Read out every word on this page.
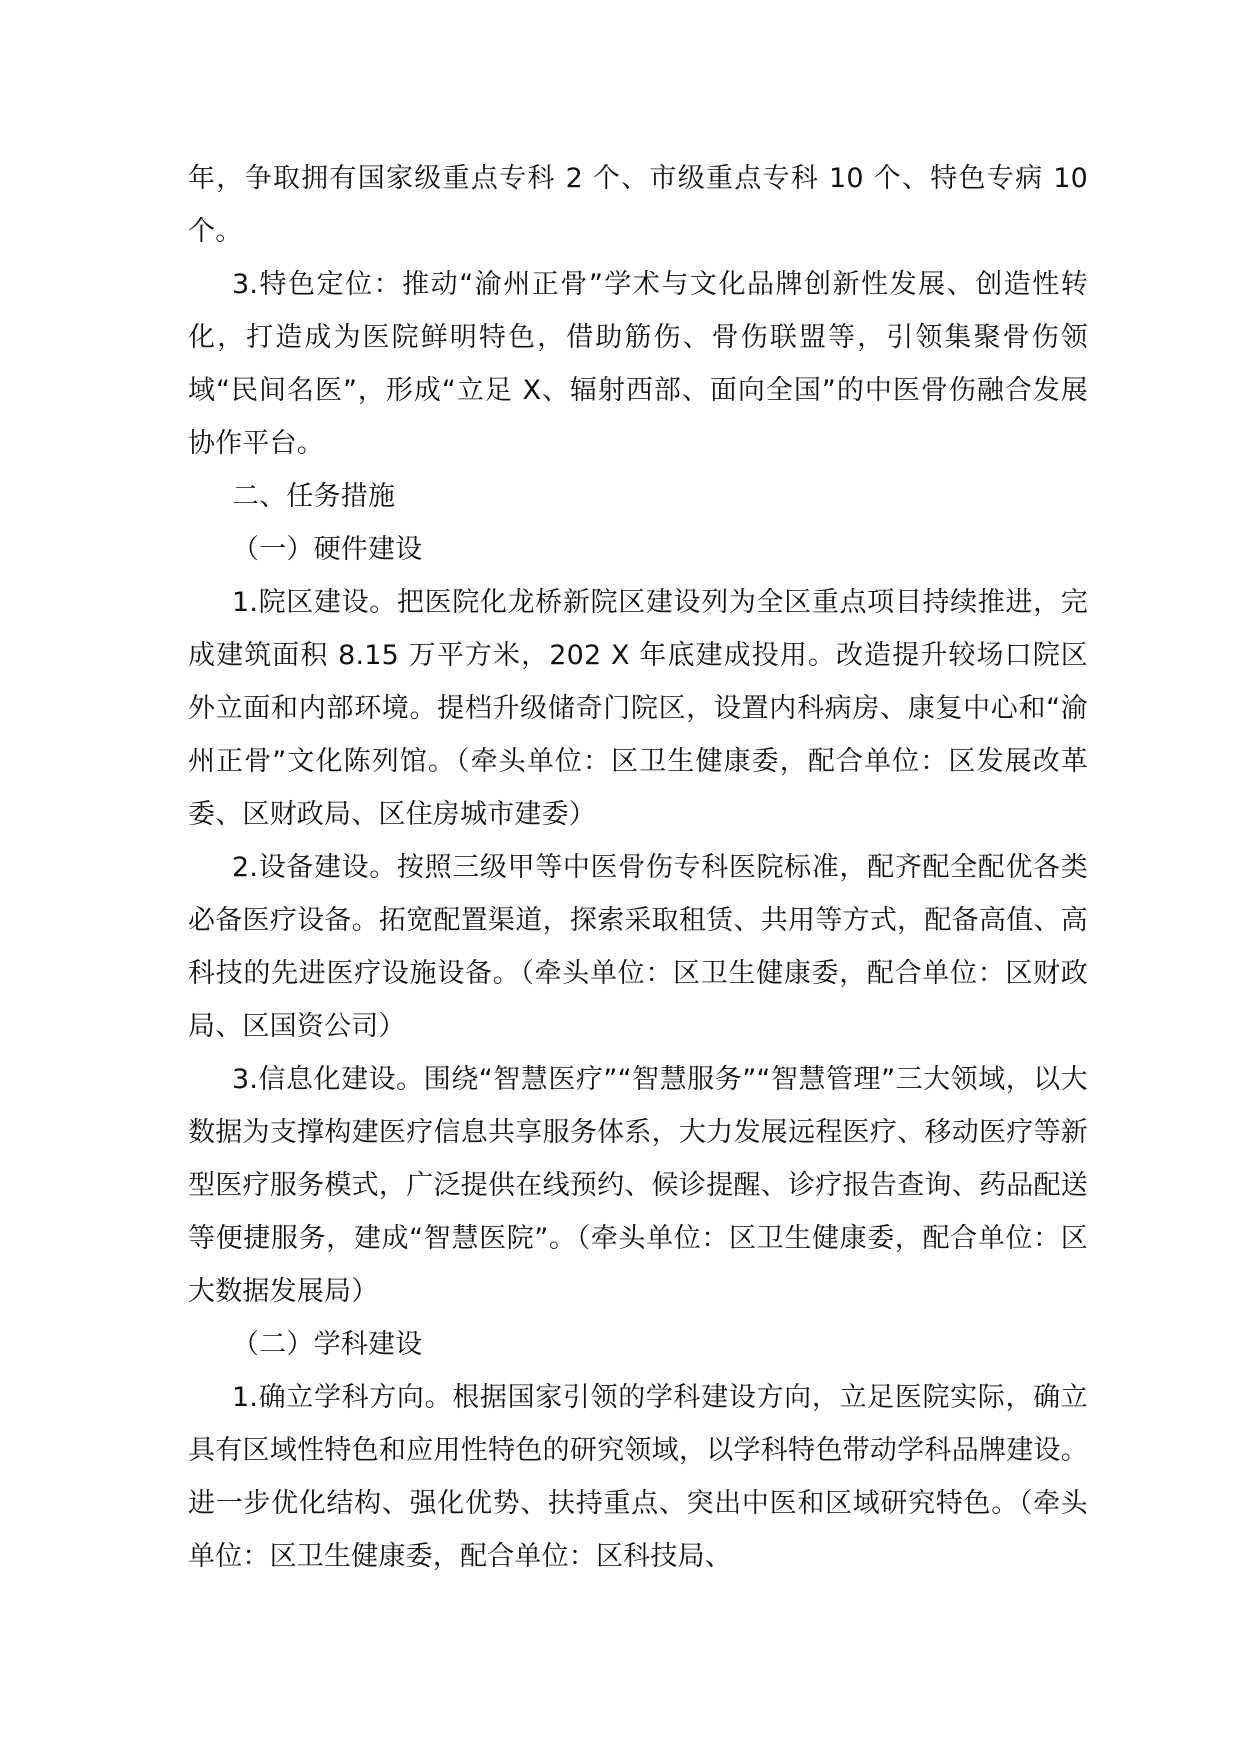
年，争取拥有国家级重点专科 2 个、市级重点专科 10 个、特色专病 10 个。

3.特色定位：推动“渝州正骨”学术与文化品牌创新性发展、创造性转化，打造成为医院鲜明特色，借助筋伤、骨伤联盟等，引领集聚骨伤领域“民间名医”，形成“立足 X、辐射西部、面向全国”的中医骨伤融合发展协作平台。

二、任务措施

（一）硬件建设

1.院区建设。把医院化龙桥新院区建设列为全区重点项目持续推进，完成建筑面积 8.15 万平方米，202 X 年底建成投用。改造提升较场口院区外立面和内部环境。提档升级储奇门院区，设置内科病房、康复中心和“渝州正骨”文化陈列馆。（牵头单位：区卫生健康委，配合单位：区发展改革委、区财政局、区住房城市建委）

2.设备建设。按照三级甲等中医骨伤专科医院标准，配齐配全配优各类必备医疗设备。拓宽配置渠道，探索采取租赁、共用等方式，配备高值、高科技的先进医疗设施设备。（牵头单位：区卫生健康委，配合单位：区财政局、区国资公司）

3.信息化建设。围绕“智慧医疗”“智慧服务”“智慧管理”三大领域，以大数据为支撑构建医疗信息共享服务体系，大力发展远程医疗、移动医疗等新型医疗服务模式，广泛提供在线预约、候诊提醒、诊疗报告查询、药品配送等便捷服务，建成“智慧医院”。（牵头单位：区卫生健康委，配合单位：区大数据发展局）

（二）学科建设

1.确立学科方向。根据国家引领的学科建设方向，立足医院实际，确立具有区域性特色和应用性特色的研究领域，以学科特色带动学科品牌建设。进一步优化结构、强化优势、扶持重点、突出中医和区域研究特色。（牵头单位：区卫生健康委，配合单位：区科技局、
